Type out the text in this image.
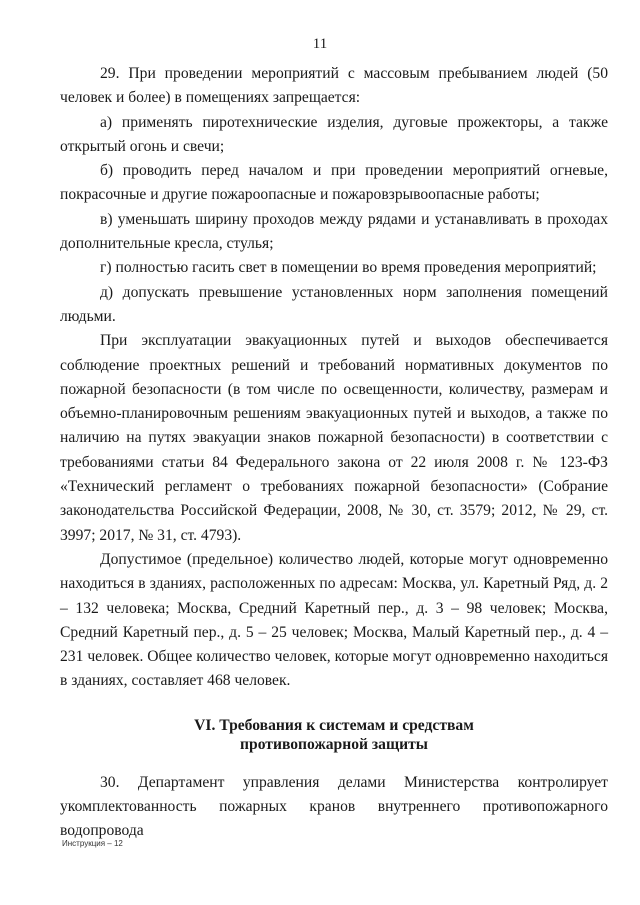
11

29. При проведении мероприятий с массовым пребыванием людей (50 человек и более) в помещениях запрещается:

а) применять пиротехнические изделия, дуговые прожекторы, а также открытый огонь и свечи;

б) проводить перед началом и при проведении мероприятий огневые, покрасочные и другие пожароопасные и пожаровзрывоопасные работы;

в) уменьшать ширину проходов между рядами и устанавливать в проходах дополнительные кресла, стулья;

г) полностью гасить свет в помещении во время проведения мероприятий;

д) допускать превышение установленных норм заполнения помещений людьми.

При эксплуатации эвакуационных путей и выходов обеспечивается соблюдение проектных решений и требований нормативных документов по пожарной безопасности (в том числе по освещенности, количеству, размерам и объемно-планировочным решениям эвакуационных путей и выходов, а также по наличию на путях эвакуации знаков пожарной безопасности) в соответствии с требованиями статьи 84 Федерального закона от 22 июля 2008 г. № 123-ФЗ «Технический регламент о требованиях пожарной безопасности» (Собрание законодательства Российской Федерации, 2008, № 30, ст. 3579; 2012, № 29, ст. 3997; 2017, № 31, ст. 4793).

Допустимое (предельное) количество людей, которые могут одновременно находиться в зданиях, расположенных по адресам: Москва, ул. Каретный Ряд, д. 2 – 132 человека; Москва, Средний Каретный пер., д. 3 – 98 человек; Москва, Средний Каретный пер., д. 5 – 25 человек; Москва, Малый Каретный пер., д. 4 – 231 человек. Общее количество человек, которые могут одновременно находиться в зданиях, составляет 468 человек.

VI. Требования к системам и средствам
противопожарной защиты

30. Департамент управления делами Министерства контролирует укомплектованность пожарных кранов внутреннего противопожарного водопровода

Инструкция – 12
